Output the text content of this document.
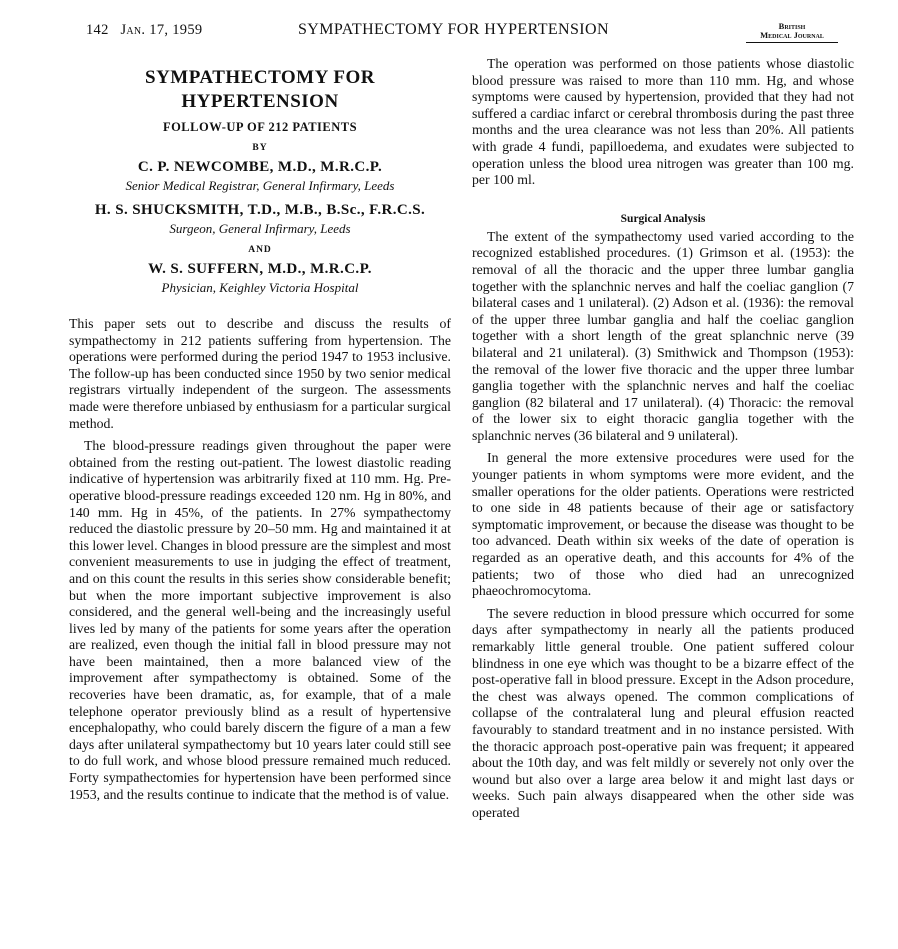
142 Jan. 17, 1959	SYMPATHECTOMY FOR HYPERTENSION	British
Medical Journal
SYMPATHECTOMY FOR
HYPERTENSION
FOLLOW-UP OF 212 PATIENTS
BY
C. P. NEWCOMBE, M.D., M.R.C.P.
Senior Medical Registrar, General Infirmary, Leeds
H. S. SHUCKSMITH, T.D., M.B., B.Sc., F.R.C.S.
Surgeon, General Infirmary, Leeds
AND
W. S. SUFFERN, M.D., M.R.C.P.
Physician, Keighley Victoria Hospital

This paper sets out to describe and discuss the results of sympathectomy in 212 patients suffering from hypertension. The operations were performed during the period 1947 to 1953 inclusive. The follow-up has been conducted since 1950 by two senior medical registrars virtually independent of the surgeon. The assessments made were therefore unbiased by enthusiasm for a particular surgical method.

The blood-pressure readings given throughout the paper were obtained from the resting out-patient. The lowest diastolic reading indicative of hypertension was arbitrarily fixed at 110 mm. Hg. Pre-operative blood-pressure readings exceeded 120 nm. Hg in 80%, and 140 mm. Hg in 45%, of the patients. In 27% sympathectomy reduced the diastolic pressure by 20–50 mm. Hg and maintained it at this lower level. Changes in blood pressure are the simplest and most convenient measurements to use in judging the effect of treatment, and on this count the results in this series show considerable benefit; but when the more important subjective improvement is also considered, and the general well-being and the increasingly useful lives led by many of the patients for some years after the operation are realized, even though the initial fall in blood pressure may not have been maintained, then a more balanced view of the improvement after sympathectomy is obtained. Some of the recoveries have been dramatic, as, for example, that of a male telephone operator previously blind as a result of hypertensive encephalopathy, who could barely discern the figure of a man a few days after unilateral sympathectomy but 10 years later could still see to do full work, and whose blood pressure remained much reduced. Forty sympathectomies for hypertension have been performed since 1953, and the results continue to indicate that the method is of value.

The operation was performed on those patients whose diastolic blood pressure was raised to more than 110 mm. Hg, and whose symptoms were caused by hypertension, provided that they had not suffered a cardiac infarct or cerebral thrombosis during the past three months and the urea clearance was not less than 20%. All patients with grade 4 fundi, papilloedema, and exudates were subjected to operation unless the blood urea nitrogen was greater than 100 mg. per 100 ml.

Surgical Analysis

The extent of the sympathectomy used varied according to the recognized established procedures. (1) Grimson et al. (1953): the removal of all the thoracic and the upper three lumbar ganglia together with the splanchnic nerves and half the coeliac ganglion (7 bilateral cases and 1 unilateral). (2) Adson et al. (1936): the removal of the upper three lumbar ganglia and half the coeliac ganglion together with a short length of the great splanchnic nerve (39 bilateral and 21 unilateral). (3) Smithwick and Thompson (1953): the removal of the lower five thoracic and the upper three lumbar ganglia together with the splanchnic nerves and half the coeliac ganglion (82 bilateral and 17 unilateral). (4) Thoracic: the removal of the lower six to eight thoracic ganglia together with the splanchnic nerves (36 bilateral and 9 unilateral).

In general the more extensive procedures were used for the younger patients in whom symptoms were more evident, and the smaller operations for the older patients. Operations were restricted to one side in 48 patients because of their age or satisfactory symptomatic improvement, or because the disease was thought to be too advanced. Death within six weeks of the date of operation is regarded as an operative death, and this accounts for 4% of the patients; two of those who died had an unrecognized phaeochromocytoma.

The severe reduction in blood pressure which occurred for some days after sympathectomy in nearly all the patients produced remarkably little general trouble. One patient suffered colour blindness in one eye which was thought to be a bizarre effect of the post-operative fall in blood pressure. Except in the Adson procedure, the chest was always opened. The common complications of collapse of the contralateral lung and pleural effusion reacted favourably to standard treatment and in no instance persisted. With the thoracic approach post-operative pain was frequent; it appeared about the 10th day, and was felt mildly or severely not only over the wound but also over a large area below it and might last days or weeks. Such pain always disappeared when the other side was operated
